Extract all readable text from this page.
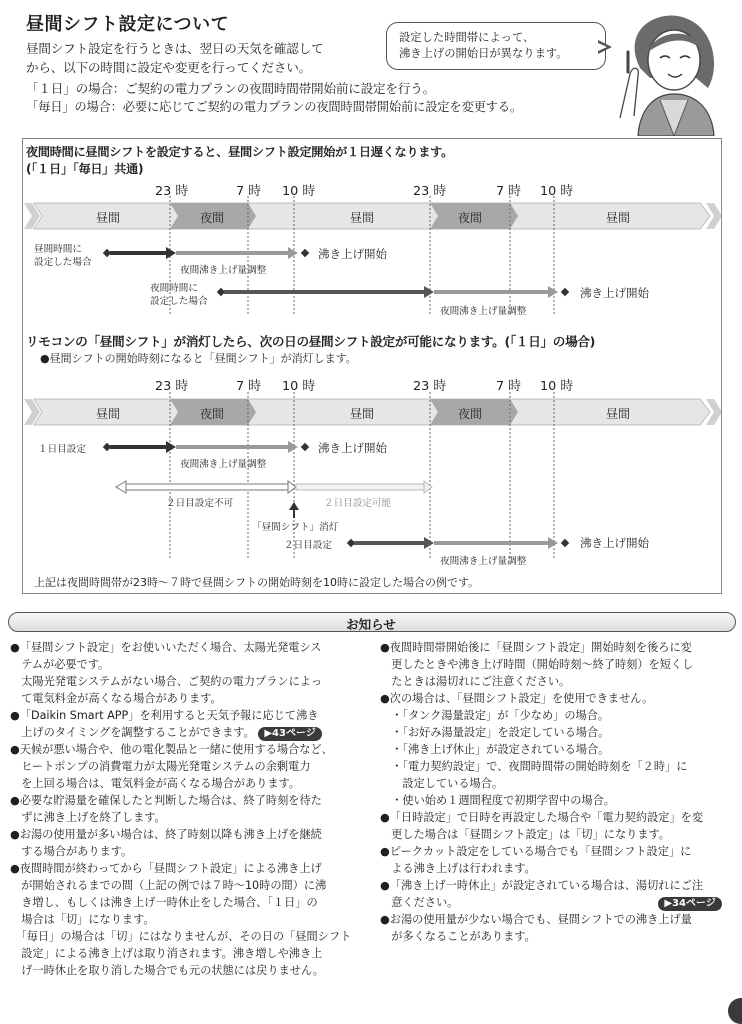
昼間シフト設定について
昼間シフト設定を行うときは、翌日の天気を確認して
から、以下の時間に設定や変更を行ってください。
「１日」の場合：ご契約の電力プランの夜間時間帯開始前に設定を行う。
「毎日」の場合：必要に応じてご契約の電力プランの夜間時間帯開始前に設定を変更する。
設定した時間帯によって、
沸き上げの開始日が異なります。
夜間時間に昼間シフトを設定すると、昼間シフト設定開始が１日遅くなります。
(「１日」「毎日」共通)
23 時	7 時 10 時	23 時	7 時 10 時
昼間	夜間	昼間	夜間	昼間
昼間時間に
設定した場合
夜間沸き上げ量調整
沸き上げ開始
夜間時間に
設定した場合
夜間沸き上げ量調整
沸き上げ開始
リモコンの「昼間シフト」が消灯したら、次の日の昼間シフト設定が可能になります。(「１日」の場合)
●昼間シフトの開始時刻になると「昼間シフト」が消灯します。
23 時	7 時 10 時	23 時	7 時 10 時
昼間	夜間	昼間	夜間	昼間
１日目設定
夜間沸き上げ量調整
沸き上げ開始
２日目設定不可	２日目設定可能
「昼間シフト」消灯
２日目設定
夜間沸き上げ量調整
沸き上げ開始
上記は夜間時間帯が23時～７時で昼間シフトの開始時刻を10時に設定した場合の例です。
お知らせ

●「昼間シフト設定」をお使いいただく場合、太陽光発電シス

　テムが必要です。

　太陽光発電システムがない場合、ご契約の電力プランによっ

　て電気料金が高くなる場合があります。

●「Daikin Smart APP」を利用すると天気予報に応じて沸き

　上げのタイミングを調整することができます。 ▶43ページ

●天候が悪い場合や、他の電化製品と一緒に使用する場合など、

　ヒートポンプの消費電力が太陽光発電システムの余剰電力

　を上回る場合は、電気料金が高くなる場合があります。

●必要な貯湯量を確保したと判断した場合は、終了時刻を待た

　ずに沸き上げを終了します。

●お湯の使用量が多い場合は、終了時刻以降も沸き上げを継続

　する場合があります。

●夜間時間が終わってから「昼間シフト設定」による沸き上げ

　が開始されるまでの間（上記の例では７時～10時の間）に沸

　き増し、もしくは沸き上げ一時休止をした場合、「１日」の

　場合は「切」になります。

　「毎日」の場合は「切」にはなりませんが、その日の「昼間シフト

　設定」による沸き上げは取り消されます。沸き増しや沸き上

　げ一時休止を取り消した場合でも元の状態には戻りません。

●夜間時間帯開始後に「昼間シフト設定」開始時刻を後ろに変

　更したときや沸き上げ時間（開始時刻～終了時刻）を短くし

　たときは湯切れにご注意ください。

●次の場合は、「昼間シフト設定」を使用できません。

　・「タンク湯量設定」が「少なめ」の場合。

　・「お好み湯量設定」を設定している場合。

　・「沸き上げ休止」が設定されている場合。

　・「電力契約設定」で、夜間時間帯の開始時刻を「２時」に

　　設定している場合。

　・使い始め１週間程度で初期学習中の場合。

●「日時設定」で日時を再設定した場合や「電力契約設定」を変

　更した場合は「昼間シフト設定」は「切」になります。

●ピークカット設定をしている場合でも「昼間シフト設定」に

　よる沸き上げは行われます。

●「沸き上げ一時休止」が設定されている場合は、湯切れにご注

　意ください。	▶34ページ

●お湯の使用量が少ない場合でも、昼間シフトでの沸き上げ量

　が多くなることがあります。
